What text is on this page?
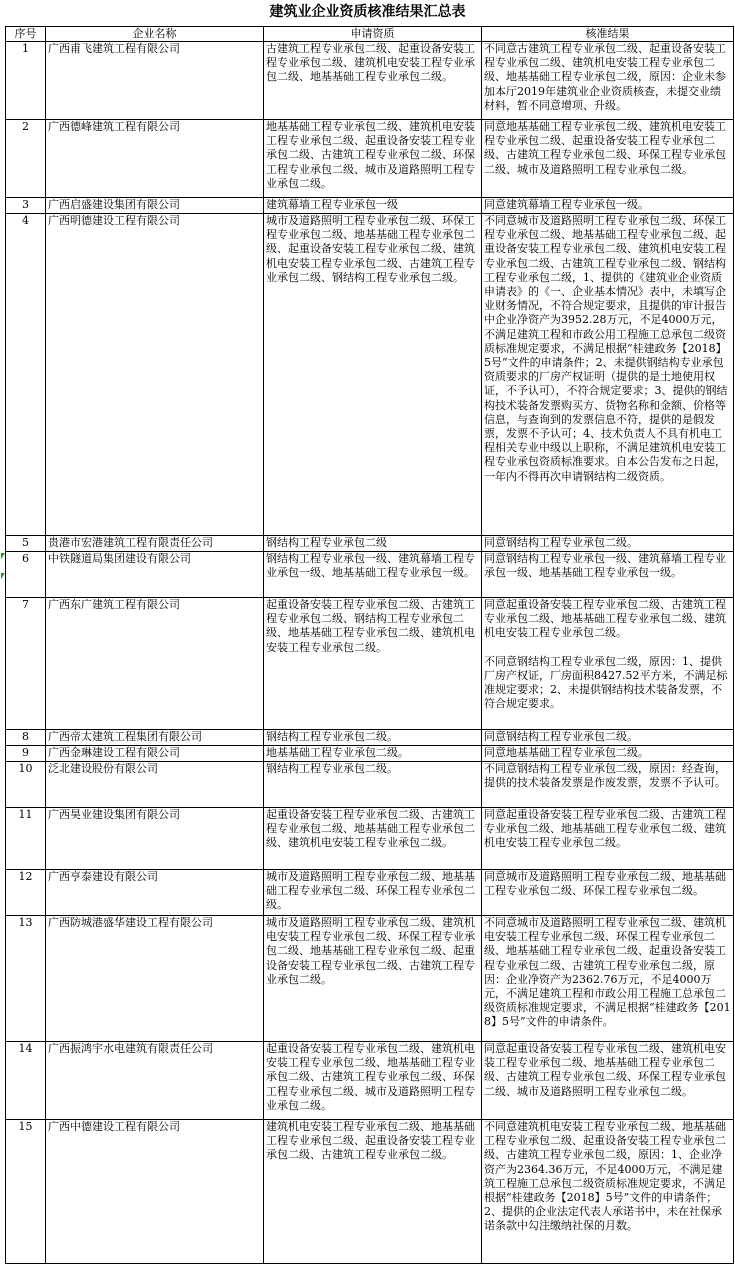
建筑业企业资质核准结果汇总表
序号	企业名称	申请资质	核准结果
1	广西甫飞建筑工程有限公司	古建筑工程专业承包二级、起重设备安装工程专业承包二级、建筑机电安装工程专业承包二级、地基基础工程专业承包二级。	不同意古建筑工程专业承包二级、起重设备安装工程专业承包二级、建筑机电安装工程专业承包二级、地基基础工程专业承包二级，原因：企业未参加本厅2019年建筑业企业资质核查，未提交业绩材料，暂不同意增项、升级。

2	广西德峰建筑工程有限公司	地基基础工程专业承包二级、建筑机电安装工程专业承包二级、起重设备安装工程专业承包二级、古建筑工程专业承包二级、环保工程专业承包二级、城市及道路照明工程专业承包二级。	同意地基基础工程专业承包二级、建筑机电安装工程专业承包二级、起重设备安装工程专业承包二级、古建筑工程专业承包二级、环保工程专业承包二级、城市及道路照明工程专业承包二级。

3	广西启盛建设集团有限公司	建筑幕墙工程专业承包一级	同意建筑幕墙工程专业承包一级。

4	广西明德建设工程有限公司	城市及道路照明工程专业承包二级、环保工程专业承包二级、地基基础工程专业承包二级、起重设备安装工程专业承包二级、建筑机电安装工程专业承包二级、古建筑工程专业承包二级、钢结构工程专业承包二级。	不同意城市及道路照明工程专业承包二级、环保工程专业承包二级、地基基础工程专业承包二级、起重设备安装工程专业承包二级、建筑机电安装工程专业承包二级、古建筑工程专业承包二级、钢结构工程专业承包二级，1、提供的《建筑业企业资质申请表》的《一、企业基本情况》表中，未填写企业财务情况，不符合规定要求，且提供的审计报告中企业净资产为3952.28万元，不足4000万元，不满足建筑工程和市政公用工程施工总承包二级资质标准规定要求，不满足根据“桂建政务【2018】5号”文件的申请条件；2、未提供钢结构专业承包资质要求的厂房产权证明（提供的是土地使用权证，不予认可），不符合规定要求；3、提供的钢结构技术装备发票购买方、货物名称和金额、价格等信息，与查询到的发票信息不符，提供的是假发票，发票不予认可；4、技术负责人不具有机电工程相关专业中级以上职称，不满足建筑机电安装工程专业承包资质标准要求。自本公告发布之日起，一年内不得再次申请钢结构二级资质。

5	贵港市宏港建筑工程有限责任公司	钢结构工程专业承包二级	同意钢结构工程专业承包二级。

6	中铁隧道局集团建设有限公司	钢结构工程专业承包一级、建筑幕墙工程专业承包一级、地基基础工程专业承包一级。	同意钢结构工程专业承包一级、建筑幕墙工程专业承包一级、地基基础工程专业承包一级。

7	广西东广建筑工程有限公司	起重设备安装工程专业承包二级、古建筑工程专业承包二级、钢结构工程专业承包二级、地基基础工程专业承包二级、建筑机电安装工程专业承包二级。	同意起重设备安装工程专业承包二级、古建筑工程专业承包二级、地基基础工程专业承包二级、建筑机电安装工程专业承包二级。
不同意钢结构工程专业承包二级，原因：1、提供厂房产权证，厂房面积8427.52平方米，不满足标准规定要求；2、未提供钢结构技术装备发票，不符合规定要求。

8	广西帝太建筑工程集团有限公司	钢结构工程专业承包二级。	同意钢结构工程专业承包二级。

9	广西金琳建设工程有限公司	地基基础工程专业承包二级。	同意地基基础工程专业承包二级。

10	泛北建设股份有限公司	钢结构工程专业承包二级。	不同意钢结构工程专业承包二级，原因：经查询，提供的技术装备发票是作废发票，发票不予认可。

11	广西昊业建设集团有限公司	起重设备安装工程专业承包二级、古建筑工程专业承包二级、地基基础工程专业承包二级、建筑机电安装工程专业承包二级。	同意起重设备安装工程专业承包二级、古建筑工程专业承包二级、地基基础工程专业承包二级、建筑机电安装工程专业承包二级。

12	广西亨泰建设有限公司	城市及道路照明工程专业承包二级、地基基础工程专业承包二级、环保工程专业承包二级。	同意城市及道路照明工程专业承包二级、地基基础工程专业承包二级、环保工程专业承包二级。

13	广西防城港盛华建设工程有限公司	城市及道路照明工程专业承包二级、建筑机电安装工程专业承包二级、环保工程专业承包二级、地基基础工程专业承包二级、起重设备安装工程专业承包二级、古建筑工程专业承包二级。	不同意城市及道路照明工程专业承包二级、建筑机电安装工程专业承包二级、环保工程专业承包二级、地基基础工程专业承包二级、起重设备安装工程专业承包二级、古建筑工程专业承包二级，原因：企业净资产为2362.76万元，不足4000万元，不满足建筑工程和市政公用工程施工总承包二级资质标准规定要求，不满足根据“桂建政务【2018】5号”文件的申请条件。

14	广西振鸿宇水电建筑有限责任公司	起重设备安装工程专业承包二级、建筑机电安装工程专业承包二级、地基基础工程专业承包二级、古建筑工程专业承包二级、环保工程专业承包二级、城市及道路照明工程专业承包二级。	同意起重设备安装工程专业承包二级、建筑机电安装工程专业承包二级、地基基础工程专业承包二级、古建筑工程专业承包二级、环保工程专业承包二级、城市及道路照明工程专业承包二级。

15	广西中德建设工程有限公司	建筑机电安装工程专业承包二级、地基基础工程专业承包二级、起重设备安装工程专业承包二级、古建筑工程专业承包二级。	不同意建筑机电安装工程专业承包二级、地基基础工程专业承包二级、起重设备安装工程专业承包二级、古建筑工程专业承包二级，原因：1、企业净资产为2364.36万元，不足4000万元，不满足建筑工程施工总承包二级资质标准规定要求，不满足根据“桂建政务【2018】5号”文件的申请条件；2、提供的企业法定代表人承诺书中，未在社保承诺条款中勾注缴纳社保的月数。
